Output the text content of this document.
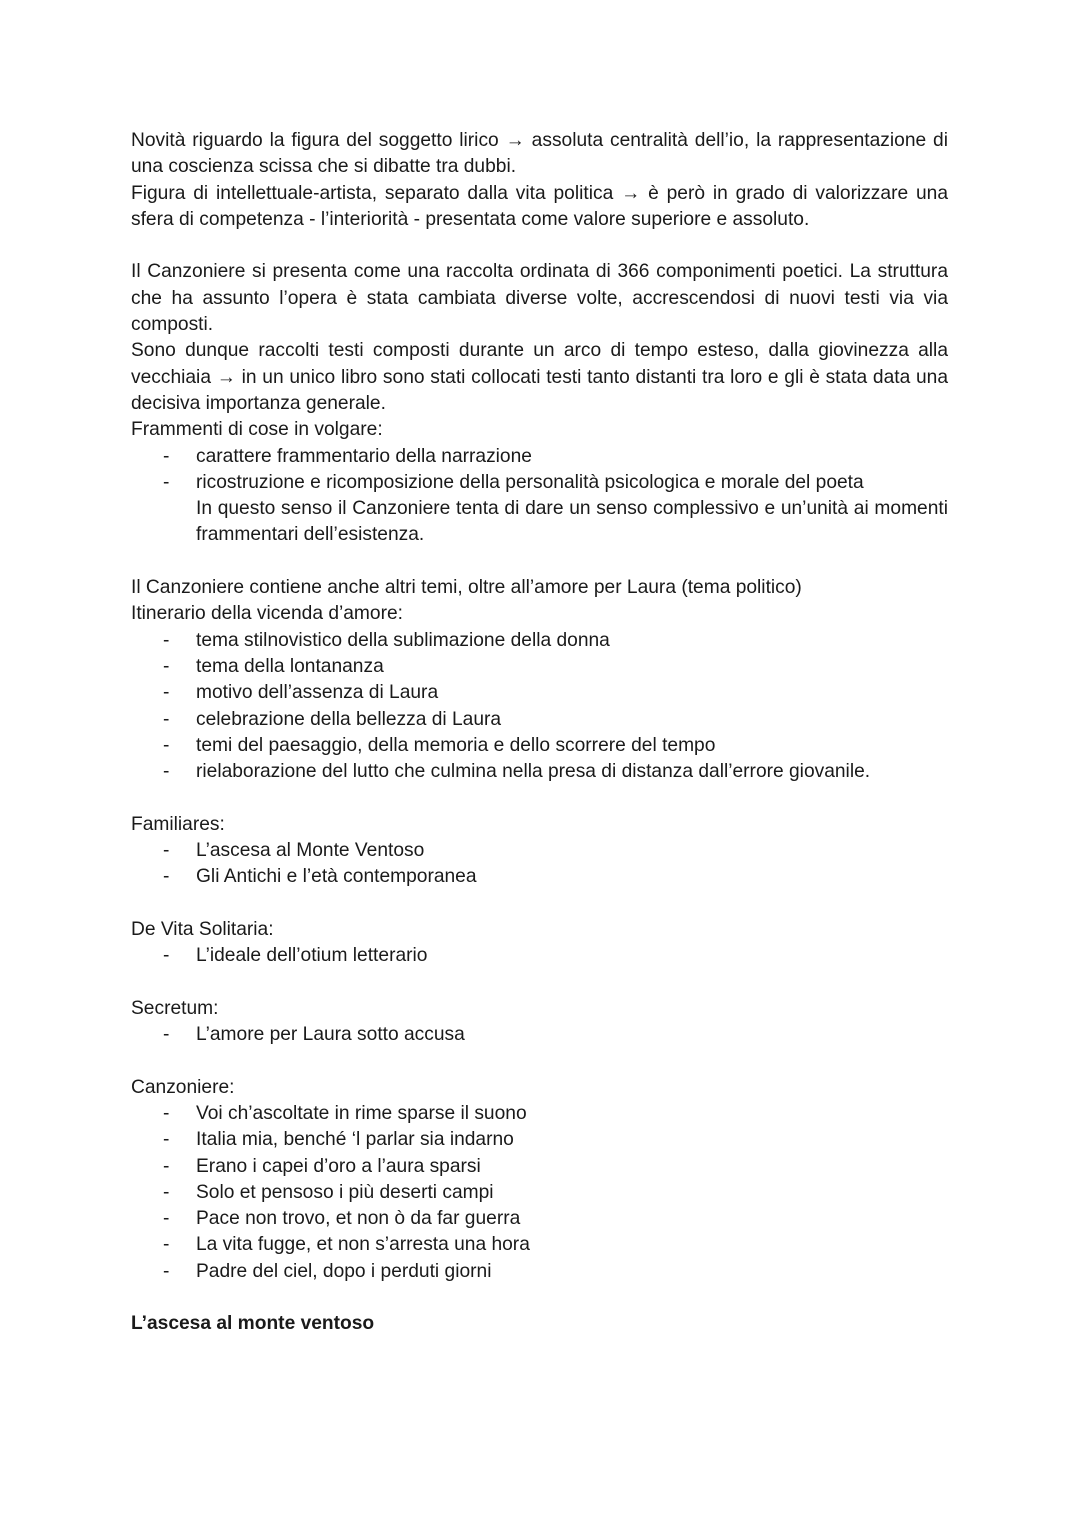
Novità riguardo la figura del soggetto lirico → assoluta centralità dell’io, la rappresentazione di una coscienza scissa che si dibatte tra dubbi.

Figura di intellettuale-artista, separato dalla vita politica → è però in grado di valorizzare una sfera di competenza - l’interiorità - presentata come valore superiore e assoluto.

Il Canzoniere si presenta come una raccolta ordinata di 366 componimenti poetici. La struttura che ha assunto l’opera è stata cambiata diverse volte, accrescendosi di nuovi testi via via composti.

Sono dunque raccolti testi composti durante un arco di tempo esteso, dalla giovinezza alla vecchiaia → in un unico libro sono stati collocati testi tanto distanti tra loro e gli è stata data una decisiva importanza generale.

Frammenti di cose in volgare:

- carattere frammentario della narrazione
- ricostruzione e ricomposizione della personalità psicologica e morale del poeta

In questo senso il Canzoniere tenta di dare un senso complessivo e un’unità ai momenti frammentari dell’esistenza.

Il Canzoniere contiene anche altri temi, oltre all’amore per Laura (tema politico)

Itinerario della vicenda d’amore:

- tema stilnovistico della sublimazione della donna
- tema della lontananza
- motivo dell’assenza di Laura
- celebrazione della bellezza di Laura
- temi del paesaggio, della memoria e dello scorrere del tempo
- rielaborazione del lutto che culmina nella presa di distanza dall’errore giovanile.

Familiares:

- L’ascesa al Monte Ventoso
- Gli Antichi e l’età contemporanea

De Vita Solitaria:

- L’ideale dell’otium letterario

Secretum:

- L’amore per Laura sotto accusa

Canzoniere:

- Voi ch’ascoltate in rime sparse il suono
- Italia mia, benché ‘l parlar sia indarno
- Erano i capei d’oro a l’aura sparsi
- Solo et pensoso i più deserti campi
- Pace non trovo, et non ò da far guerra
- La vita fugge, et non s’arresta una hora
- Padre del ciel, dopo i perduti giorni

L’ascesa al monte ventoso
